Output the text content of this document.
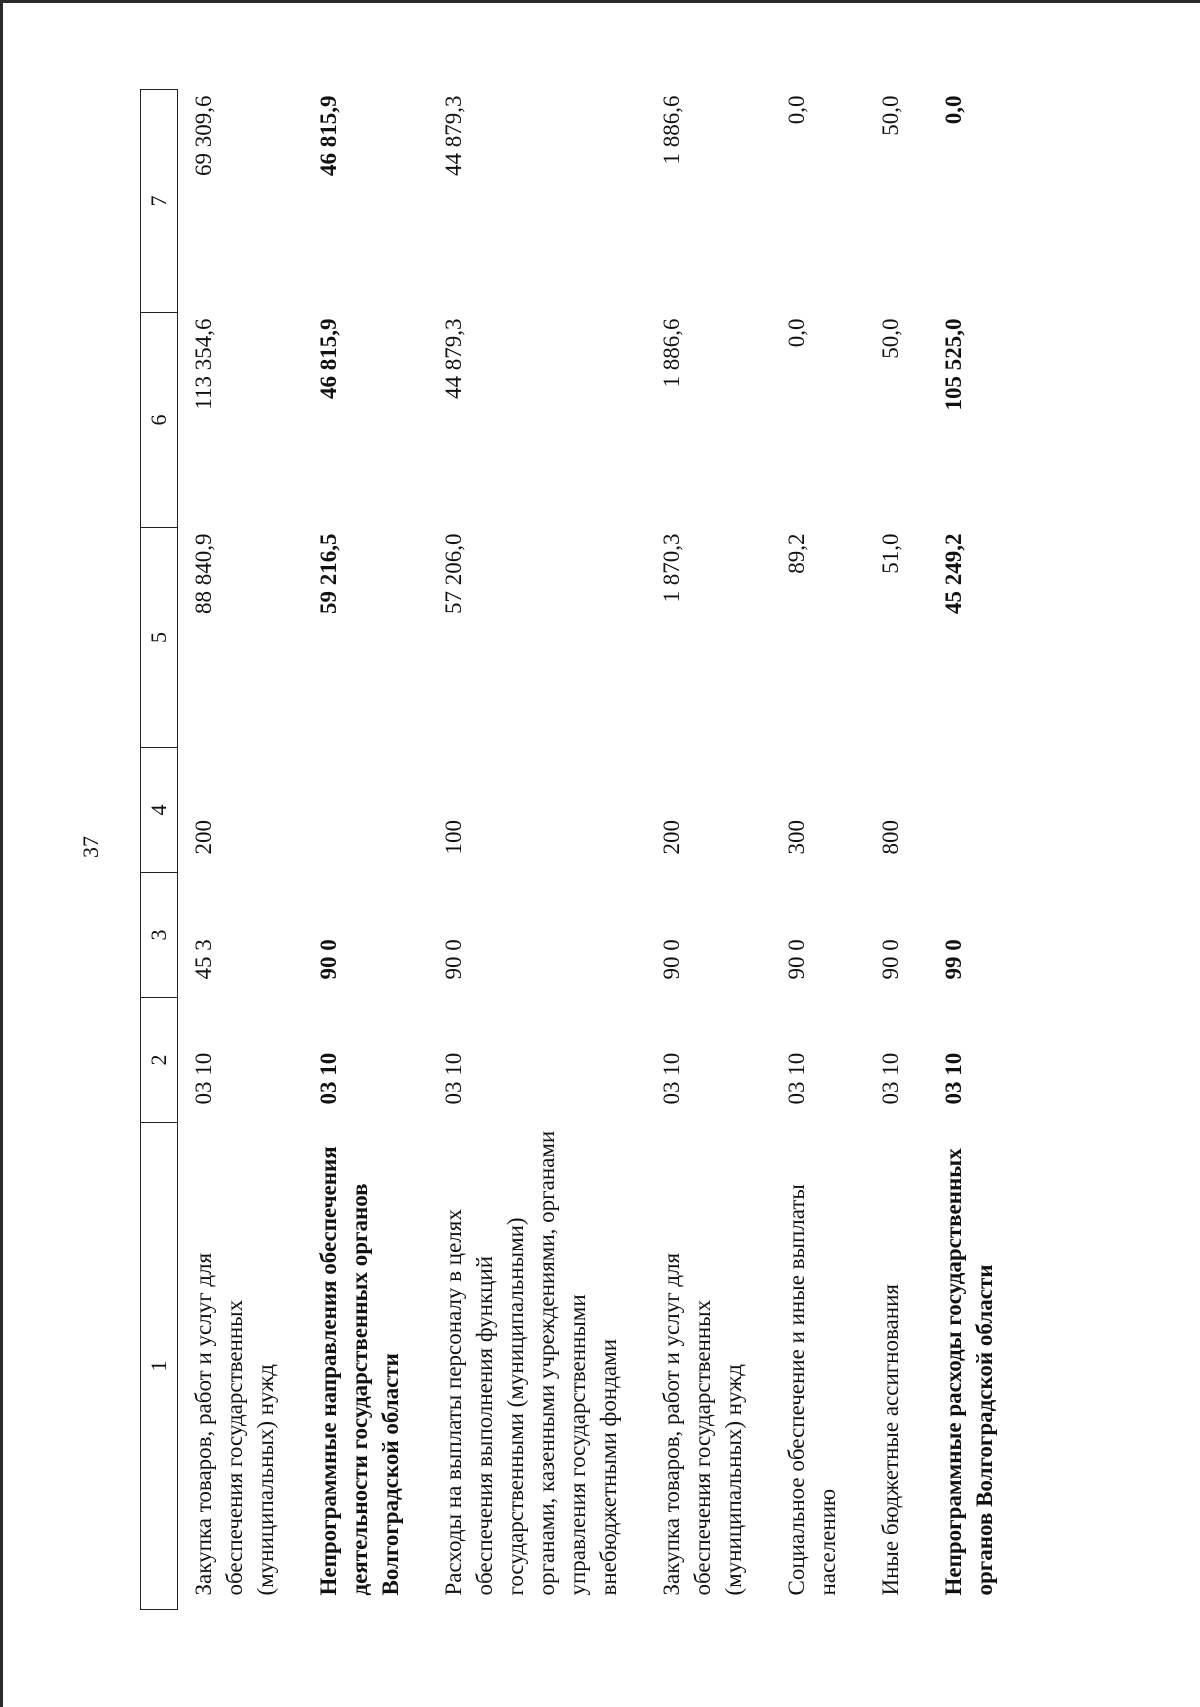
37
1	2	3	4	5	6	7
Закупка товаров, работ и услуг для обеспечения государственных (муниципальных) нужд	03 10	45 3	200	88 840,9	113 354,6	69 309,6
Непрограммные направления обеспечения деятельности государственных органов Волгоградской области	03 10	90 0		59 216,5	46 815,9	46 815,9
Расходы на выплаты персоналу в целях обеспечения выполнения функций государственными (муниципальными) органами, казенными учреждениями, органами управления государственными внебюджетными фондами	03 10	90 0	100	57 206,0	44 879,3	44 879,3
Закупка товаров, работ и услуг для обеспечения государственных (муниципальных) нужд	03 10	90 0	200	1 870,3	1 886,6	1 886,6
Социальное обеспечение и иные выплаты населению	03 10	90 0	300	89,2	0,0	0,0
Иные бюджетные ассигнования	03 10	90 0	800	51,0	50,0	50,0
Непрограммные расходы государственных органов Волгоградской области	03 10	99 0		45 249,2	105 525,0	0,0
